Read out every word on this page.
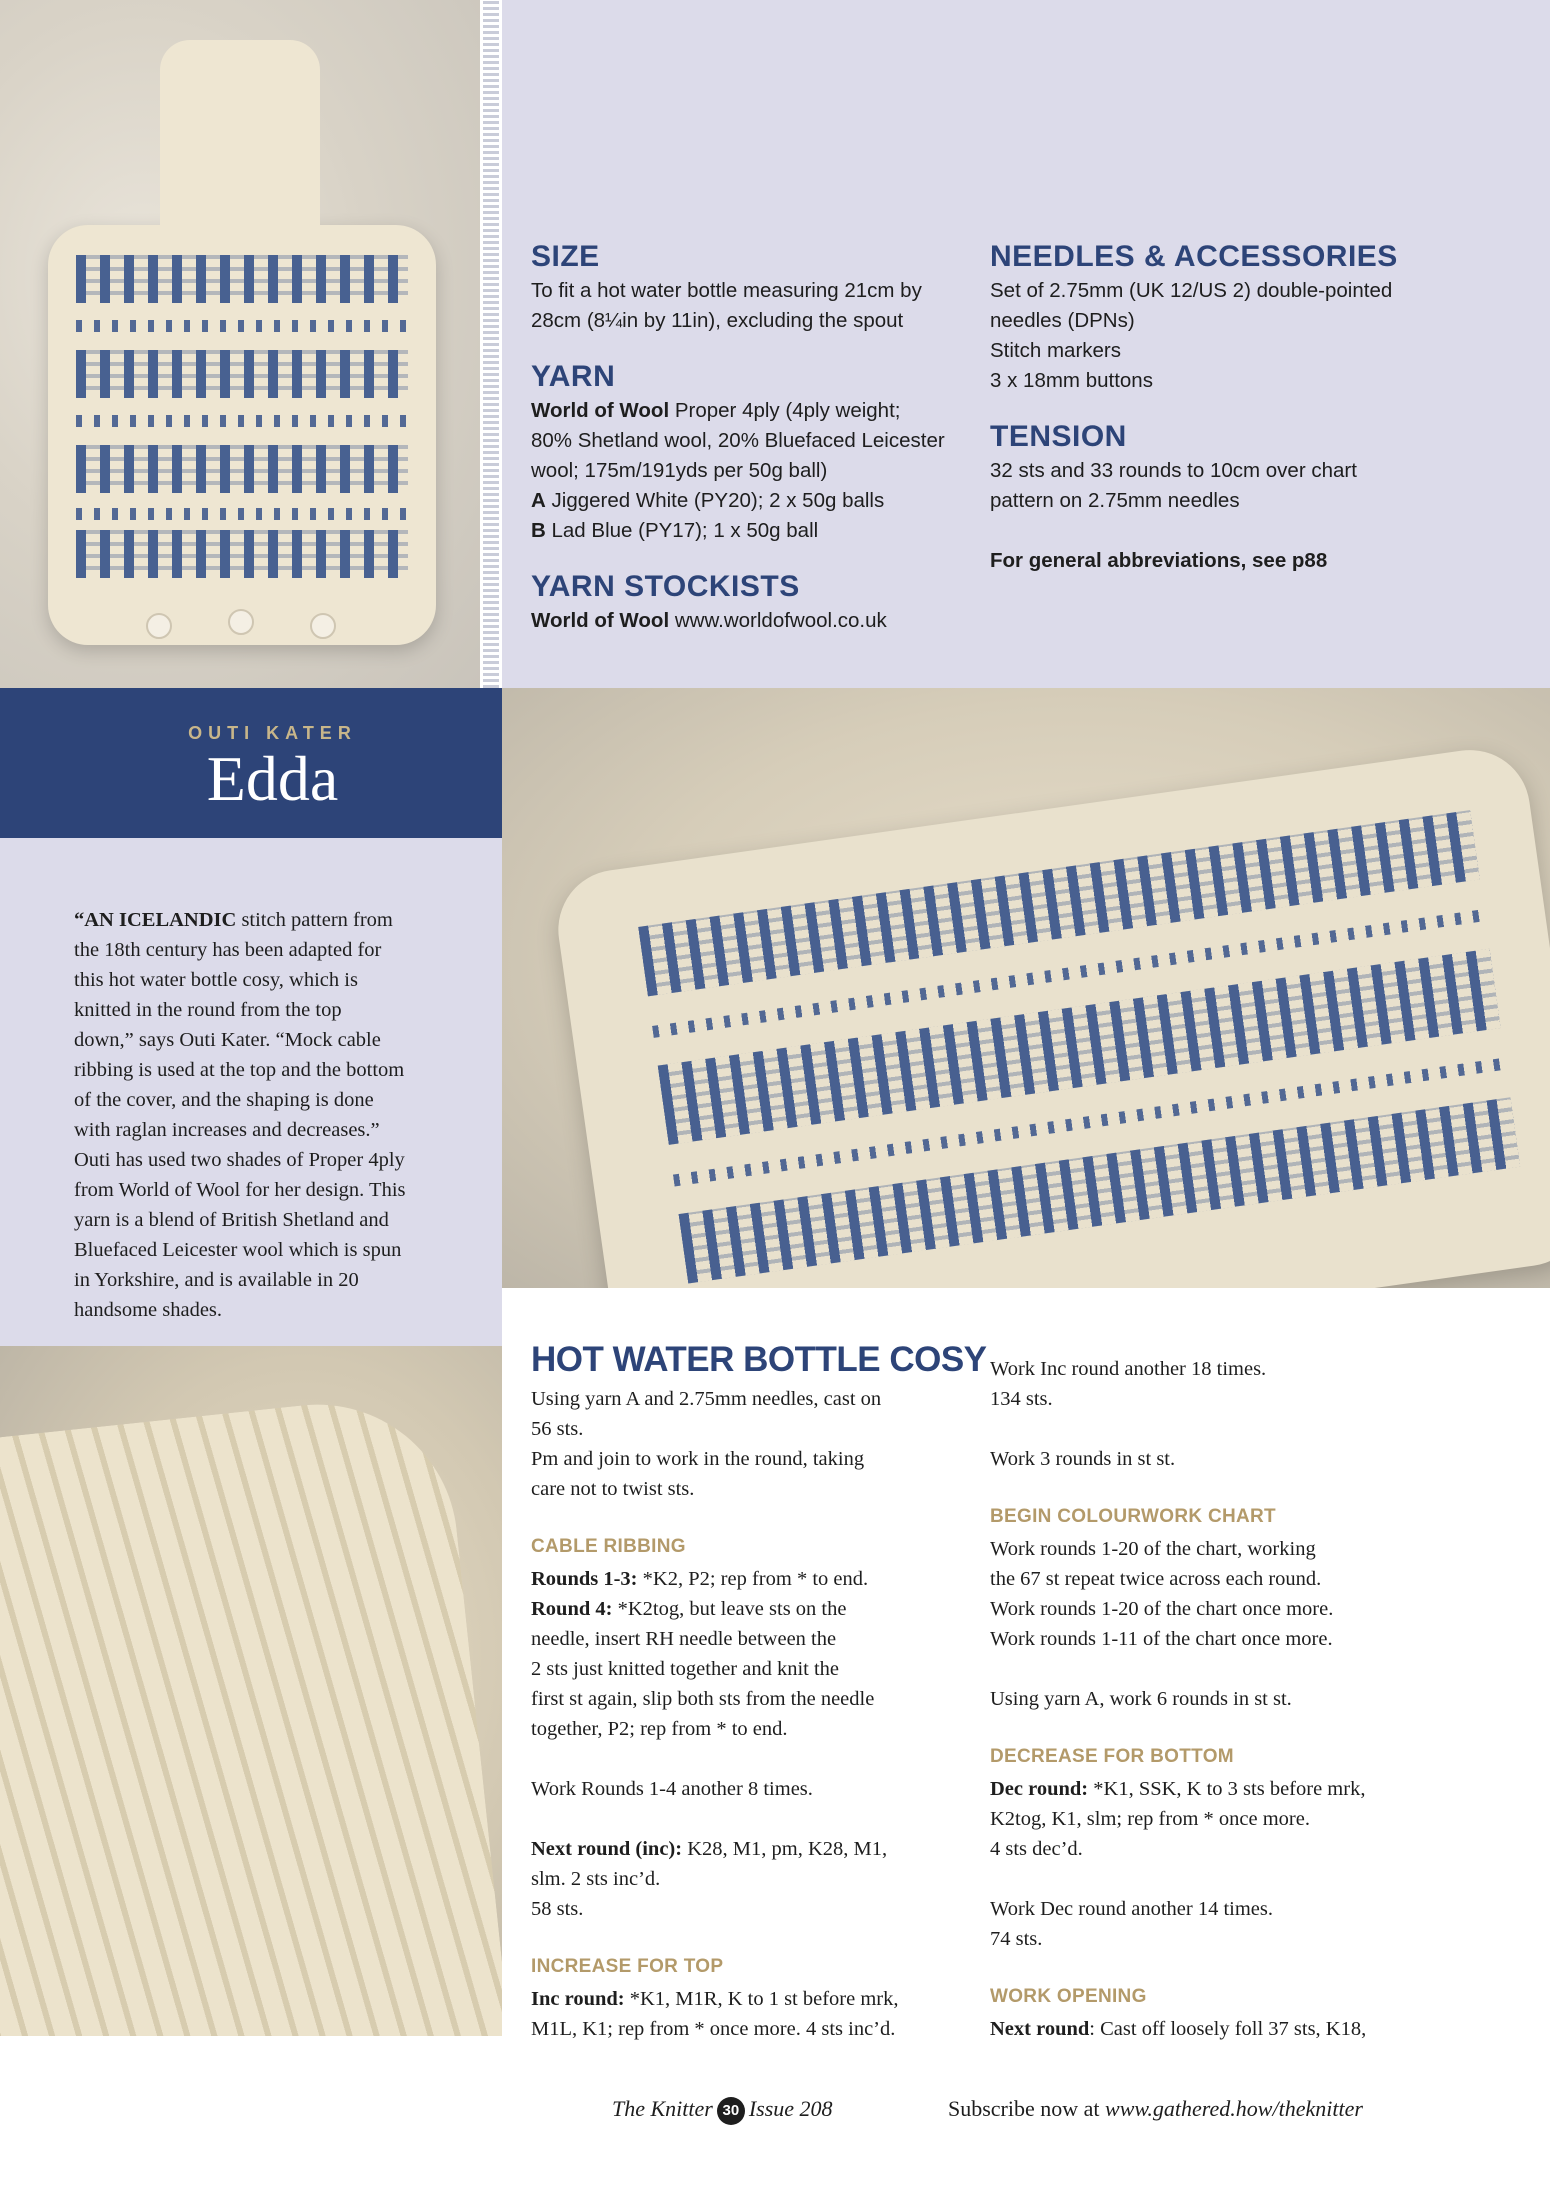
SIZE
To fit a hot water bottle measuring 21cm by
28cm (8¼in by 11in), excluding the spout
YARN
World of Wool Proper 4ply (4ply weight;
80% Shetland wool, 20% Bluefaced Leicester
wool; 175m/191yds per 50g ball)
A Jiggered White (PY20); 2 x 50g balls
B Lad Blue (PY17); 1 x 50g ball
YARN STOCKISTS
World of Wool www.worldofwool.co.uk
NEEDLES & ACCESSORIES
Set of 2.75mm (UK 12/US 2) double-pointed
needles (DPNs)
Stitch markers
3 x 18mm buttons
TENSION
32 sts and 33 rounds to 10cm over chart
pattern on 2.75mm needles
For general abbreviations, see p88
OUTI KATER
Edda
“AN ICELANDIC stitch pattern from
the 18th century has been adapted for
this hot water bottle cosy, which is
knitted in the round from the top
down,” says Outi Kater. “Mock cable
ribbing is used at the top and the bottom
of the cover, and the shaping is done
with raglan increases and decreases.”
Outi has used two shades of Proper 4ply
from World of Wool for her design. This
yarn is a blend of British Shetland and
Bluefaced Leicester wool which is spun
in Yorkshire, and is available in 20
handsome shades.
HOT WATER BOTTLE COSY
Using yarn A and 2.75mm needles, cast on
56 sts.
Pm and join to work in the round, taking
care not to twist sts.
CABLE RIBBING
Rounds 1-3: *K2, P2; rep from * to end.
Round 4: *K2tog, but leave sts on the
needle, insert RH needle between the
2 sts just knitted together and knit the
first st again, slip both sts from the needle
together, P2; rep from * to end.
Work Rounds 1-4 another 8 times.
Next round (inc): K28, M1, pm, K28, M1,
slm. 2 sts inc’d.
58 sts.
INCREASE FOR TOP
Inc round: *K1, M1R, K to 1 st before mrk,
M1L, K1; rep from * once more. 4 sts inc’d.
Work Inc round another 18 times.
134 sts.
Work 3 rounds in st st.
BEGIN COLOURWORK CHART
Work rounds 1-20 of the chart, working
the 67 st repeat twice across each round.
Work rounds 1-20 of the chart once more.
Work rounds 1-11 of the chart once more.
Using yarn A, work 6 rounds in st st.
DECREASE FOR BOTTOM
Dec round: *K1, SSK, K to 3 sts before mrk,
K2tog, K1, slm; rep from * once more.
4 sts dec’d.
Work Dec round another 14 times.
74 sts.
WORK OPENING
Next round: Cast off loosely foll 37 sts, K18,
The Knitter 30 Issue 208	Subscribe now at www.gathered.how/theknitter
